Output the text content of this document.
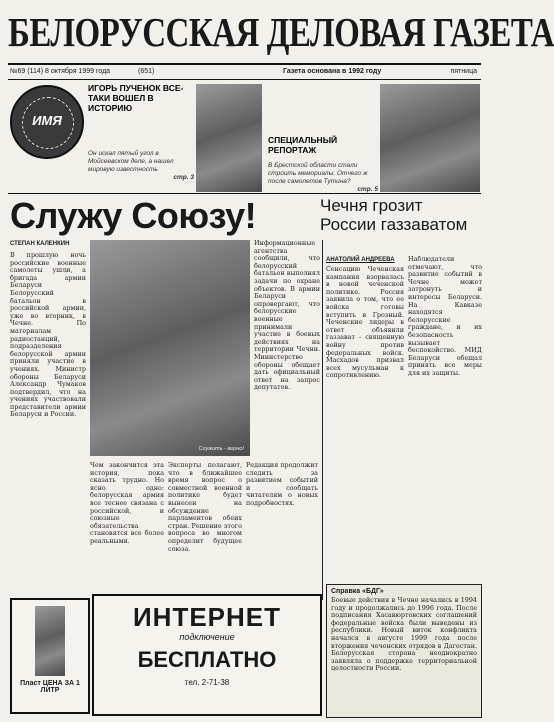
БЕЛОРУССКАЯ ДЕЛОВАЯ ГАЗЕТА
№69 (114) 8 октября 1999 года	(651)	Газета основана в 1992 году	пятница
ИМЯ
ИГОРЬ ПУЧЕНОК ВСЕ-ТАКИ ВОШЕЛ В ИСТОРИЮ
Он искал пятый угол в Мойсеевском деле, а нашел мировую известность
стр. 3
СПЕЦИАЛЬНЫЙ РЕПОРТАЖ
В Брестской области стали строить мемориалы. Отчего ж после самолетов Тутина?
стр. 5
Служу Союзу!	Чечня грозит России газзаватом
СТЕПАН КАЛЕНКИН
Служить - верно!
В прошлую ночь российские военные самолеты ушли, а бригада армии Беларуси Белорусский батальон в российской армии, уже во вторник, в Чечне. По материалам радиостанций, подразделения белорусской армии приняли участие в учениях. Министр обороны Беларуси Александр Чумаков подтвердил, что на учениях участвовали представители армии Беларуси и России.
Информационные агентства сообщили, что белорусский батальон выполнял задачи по охране объектов. В армии Беларуси опровергают, что белорусские военные принимали участие в боевых действиях на территории Чечни. Министерство обороны обещает дать официальный ответ на запрос депутатов.
Чем закончится эта история, пока сказать трудно. Но ясно одно: белорусская армия все теснее связана с российской, и союзные обязательства становятся все более реальными.
Эксперты полагают, что в ближайшее время вопрос о совместной военной политике будет вынесен на обсуждение парламентов обеих стран. Решение этого вопроса во многом определит будущее союза.
Редакция продолжит следить за развитием событий и сообщать читателям о новых подробностях.
АНАТОЛИЙ АНДРЕЕВА
Сенсацию Чеченская кампания взорвалась в новой чеченской политике. Россия заявила о том, что ее войска готовы вступить в Грозный. Чеченские лидеры в ответ объявили газзават - священную войну против федеральных войск. Масхадов призвал всех мусульман к сопротивлению.
Наблюдатели отмечают, что развитие событий в Чечне может затронуть и интересы Беларуси. На Кавказе находятся белорусские граждане, и их безопасность вызывает беспокойство. МИД Беларуси обещал принять все меры для их защиты.
Справка «БДГ»
Боевые действия в Чечне начались в 1994 году и продолжались до 1996 года. После подписания Хасавюртовских соглашений федеральные войска были выведены из республики. Новый виток конфликта начался в августе 1999 года после вторжения чеченских отрядов в Дагестан. Белорусская сторона неоднократно заявляла о поддержке территориальной целостности России.
Пласт ЦЕНА ЗА 1 ЛИТР
ИНТЕРНЕТ
подключение
БЕСПЛАТНО
тел. 2-71-38
